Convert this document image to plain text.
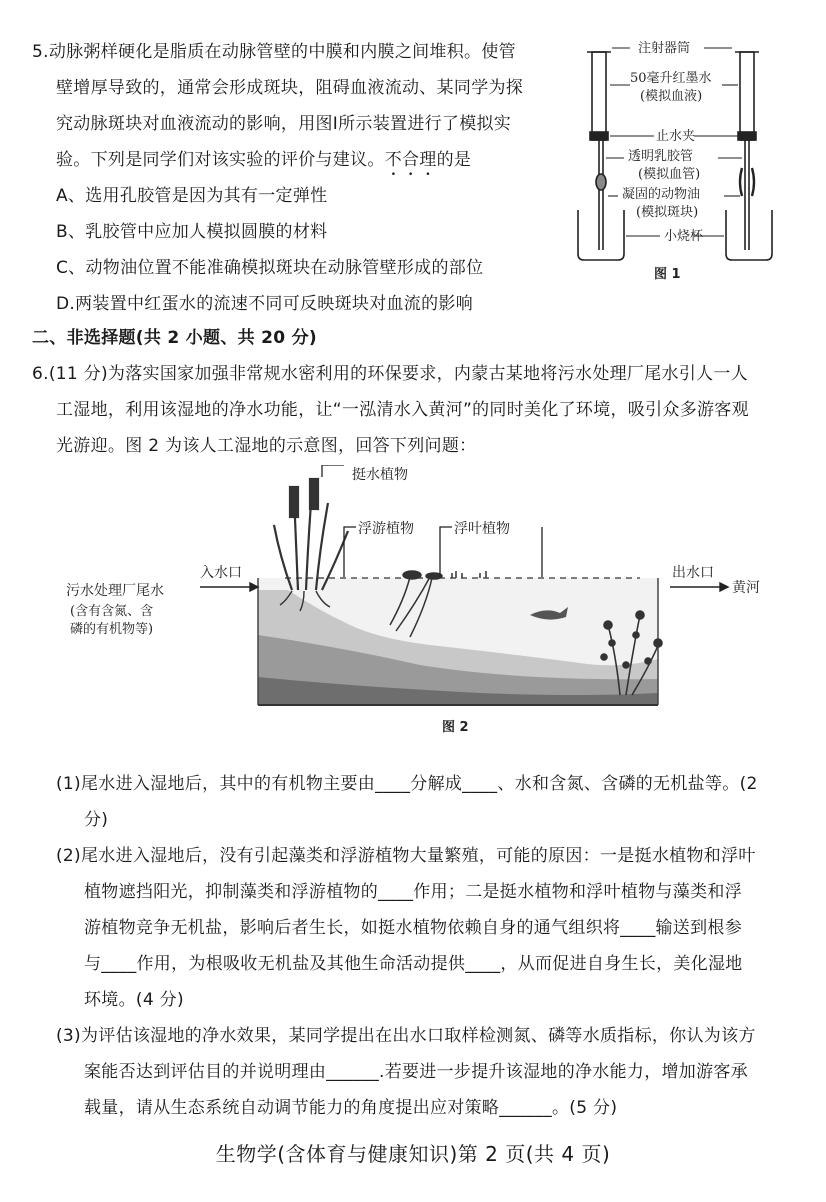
5.动脉粥样硬化是脂质在动脉管壁的中膜和内膜之间堆积。使管
壁增厚导致的，通常会形成斑块，阻碍血液流动、某同学为探
究动脉斑块对血液流动的影响，用图Ⅰ所示装置进行了模拟实
验。下列是同学们对该实验的评价与建议。不合理的是
A、选用孔胶管是因为其有一定弹性
B、乳胶管中应加人模拟圆膜的材料
C、动物油位置不能准确模拟斑块在动脉管壁形成的部位
D.两装置中红蛋水的流速不同可反映斑块对血流的影响
注射器筒
50毫升红墨水
(模拟血液)
止水夹
透明乳胶管
(模拟血管)
凝固的动物油
(模拟斑块)
小烧杯
图 1
二、非选择题(共 2 小题、共 20 分)
6.(11 分)为落实国家加强非常规水密利用的环保要求，内蒙古某地将污水处理厂尾水引人一人
工湿地，利用该湿地的净水功能，让“一泓清水入黄河”的同时美化了环境，吸引众多游客观
光游迎。图 2 为该人工湿地的示意图，回答下列问题：
挺水植物
浮游植物	浮叶植物
污水处理厂尾水
(含有含氮、含
磷的有机物等)
入水口	出水口
黄河
图 2
(1)尾水进入湿地后，其中的有机物主要由____分解成____、水和含氮、含磷的无机盐等。(2
分)
(2)尾水进入湿地后，没有引起藻类和浮游植物大量繁殖，可能的原因：一是挺水植物和浮叶
植物遮挡阳光，抑制藻类和浮游植物的____作用；二是挺水植物和浮叶植物与藻类和浮
游植物竞争无机盐，影响后者生长，如挺水植物依赖自身的通气组织将____输送到根参
与____作用，为根吸收无机盐及其他生命活动提供____，从而促进自身生长，美化湿地
环境。(4 分)
(3)为评估该湿地的净水效果，某同学提出在出水口取样检测氮、磷等水质指标，你认为该方
案能否达到评估目的并说明理由______.若要进一步提升该湿地的净水能力，增加游客承
载量，请从生态系统自动调节能力的角度提出应对策略______。(5 分)
生物学(含体育与健康知识)第 2 页(共 4 页)
